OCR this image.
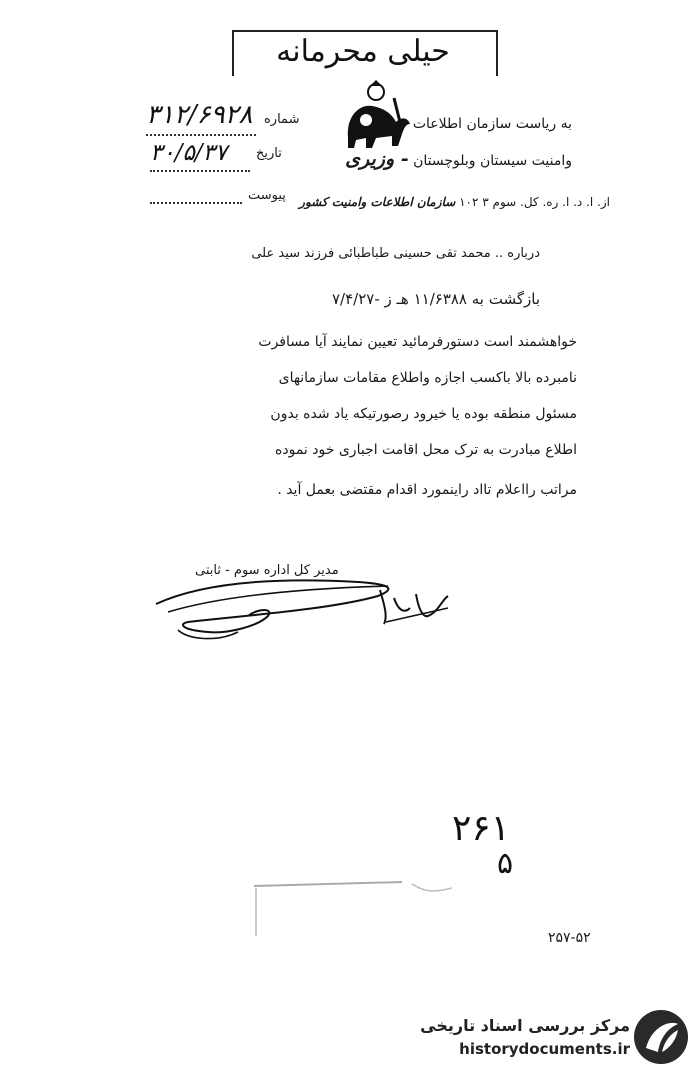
حیلی محرمانه
به ریاست سازمان اطلاعات
وامنیت سیستان وبلوچستان - وزیری
از. ا. د. ا. ره. کل. سوم ۳ ۱۰۲ سازمان اطلاعات وامنیت کشور
شماره
۳۱۲/۶۹۲۸
تاریخ
۳۰/۵/۳۷
پیوست
درباره .. محمد تقی حسینی طباطبائی فرزند سید علی
بازگشت به ۱۱/۶۳۸۸ هـ ز -۷/۴/۲۷
خواهشمند است دستورفرمائید تعیین نمایند آیا مسافرت
نامبرده بالا باکسب اجازه واطلاع مقامات سازمانهای
مسئول منطقه بوده یا خیرود رصورتیکه یاد شده بدون
اطلاع مبادرت به ترک محل اقامت اجباری خود نموده
مراتب رااعلام تااد راینمورد اقدام مقتضی بعمل آید .
مدیر کل اداره سوم - ثابتی
۲۶۱
۵
۲۵۷-۵۲
مرکز بررسی اسناد تاریخی
historydocuments.ir
